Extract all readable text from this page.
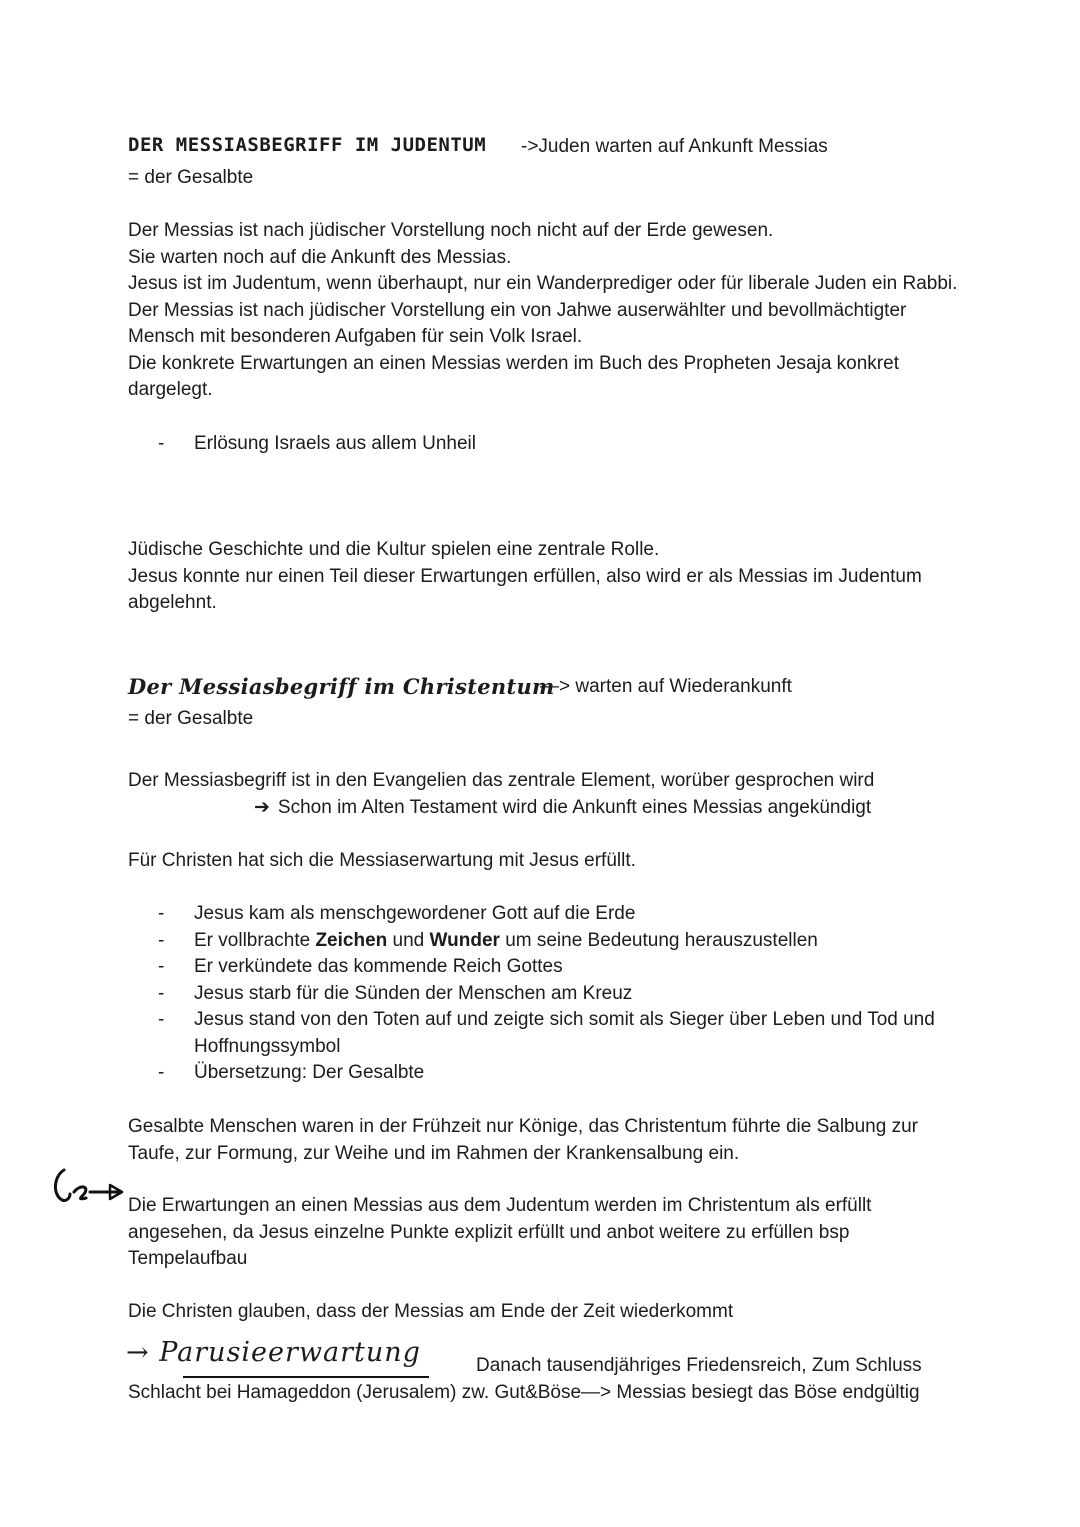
DER MESSIASBEGRIFF IM JUDENTUM ->Juden warten auf Ankunft Messias
= der Gesalbte

Der Messias ist nach jüdischer Vorstellung noch nicht auf der Erde gewesen.

Sie warten noch auf die Ankunft des Messias.

Jesus ist im Judentum, wenn überhaupt, nur ein Wanderprediger oder für liberale Juden ein Rabbi.

Der Messias ist nach jüdischer Vorstellung ein von Jahwe auserwählter und bevollmächtigter Mensch mit besonderen Aufgaben für sein Volk Israel.

Die konkrete Erwartungen an einen Messias werden im Buch des Propheten Jesaja konkret dargelegt.

- Erlösung Israels aus allem Unheil

Jüdische Geschichte und die Kultur spielen eine zentrale Rolle.

Jesus konnte nur einen Teil dieser Erwartungen erfüllen, also wird er als Messias im Judentum abgelehnt.

Der Messiasbegriff im Christentum
—> warten auf Wiederankunft
= der Gesalbte

Der Messiasbegriff ist in den Evangelien das zentrale Element, worüber gesprochen wird

➔ Schon im Alten Testament wird die Ankunft eines Messias angekündigt

Für Christen hat sich die Messiaserwartung mit Jesus erfüllt.
- Jesus kam als menschgewordener Gott auf die Erde
- Er vollbrachte Zeichen und Wunder um seine Bedeutung herauszustellen
- Er verkündete das kommende Reich Gottes
- Jesus starb für die Sünden der Menschen am Kreuz
- Jesus stand von den Toten auf und zeigte sich somit als Sieger über Leben und Tod und Hoffnungssymbol
- Übersetzung: Der Gesalbte
Gesalbte Menschen waren in der Frühzeit nur Könige, das Christentum führte die Salbung zur Taufe, zur Formung, zur Weihe und im Rahmen der Krankensalbung ein.
Die Erwartungen an einen Messias aus dem Judentum werden im Christentum als erfüllt angesehen, da Jesus einzelne Punkte explizit erfüllt und anbot weitere zu erfüllen bsp Tempelaufbau
Die Christen glauben, dass der Messias am Ende der Zeit wiederkommt
→ Parusieerwartung	Danach tausendjähriges Friedensreich, Zum Schluss
Schlacht bei Hamageddon (Jerusalem) zw. Gut&Böse—> Messias besiegt das Böse endgültig
